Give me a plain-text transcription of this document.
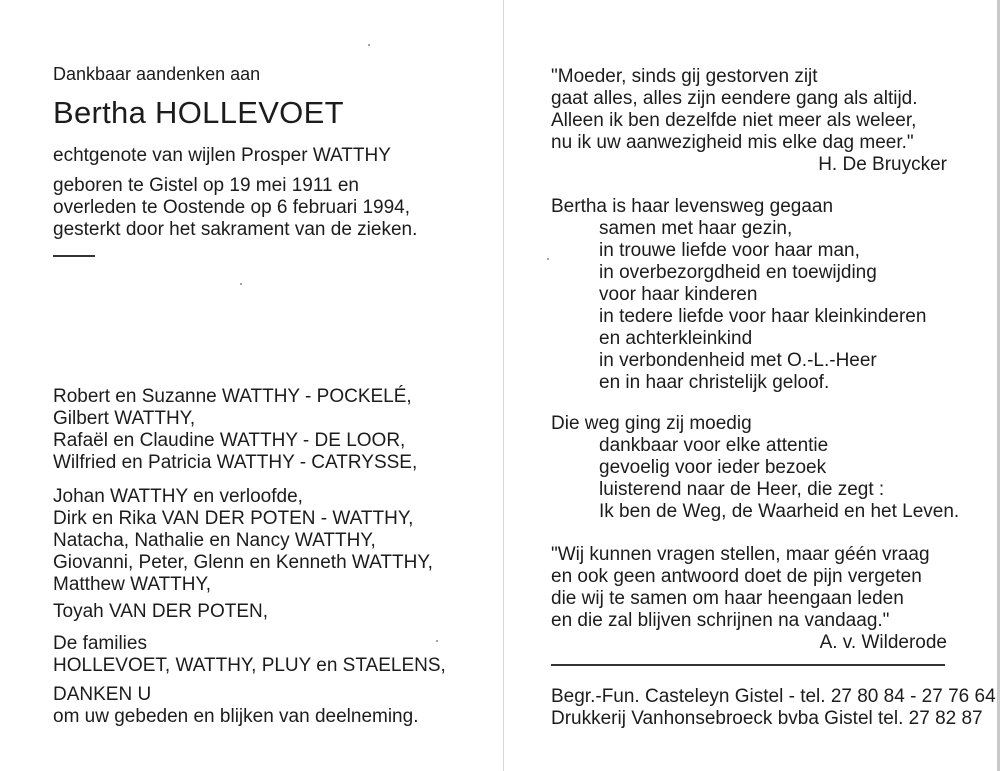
Dankbaar aandenken aan

Bertha HOLLEVOET

echtgenote van wijlen Prosper WATTHY

geboren te Gistel op 19 mei 1911 en
overleden te Oostende op 6 februari 1994,
gesterkt door het sakrament van de zieken.
Robert en Suzanne WATTHY - POCKELÉ,
Gilbert WATTHY,
Rafaël en Claudine WATTHY - DE LOOR,
Wilfried en Patricia WATTHY - CATRYSSE,
Johan WATTHY en verloofde,
Dirk en Rika VAN DER POTEN - WATTHY,
Natacha, Nathalie en Nancy WATTHY,
Giovanni, Peter, Glenn en Kenneth WATTHY,
Matthew WATTHY,
Toyah VAN DER POTEN,
De families
HOLLEVOET, WATTHY, PLUY en STAELENS,
DANKEN U
om uw gebeden en blijken van deelneming.
"Moeder, sinds gij gestorven zijt
gaat alles, alles zijn eendere gang als altijd.
Alleen ik ben dezelfde niet meer als weleer,
nu ik uw aanwezigheid mis elke dag meer."
H. De Bruycker
Bertha is haar levensweg gegaan
samen met haar gezin,
in trouwe liefde voor haar man,
in overbezorgdheid en toewijding
voor haar kinderen
in tedere liefde voor haar kleinkinderen
en achterkleinkind
in verbondenheid met O.-L.-Heer
en in haar christelijk geloof.
Die weg ging zij moedig
dankbaar voor elke attentie
gevoelig voor ieder bezoek
luisterend naar de Heer, die zegt :
Ik ben de Weg, de Waarheid en het Leven.
"Wij kunnen vragen stellen, maar géén vraag
en ook geen antwoord doet de pijn vergeten
die wij te samen om haar heengaan leden
en die zal blijven schrijnen na vandaag."
A. v. Wilderode
Begr.-Fun. Casteleyn Gistel - tel. 27 80 84 - 27 76 64
Drukkerij Vanhonsebroeck bvba Gistel tel. 27 82 87
